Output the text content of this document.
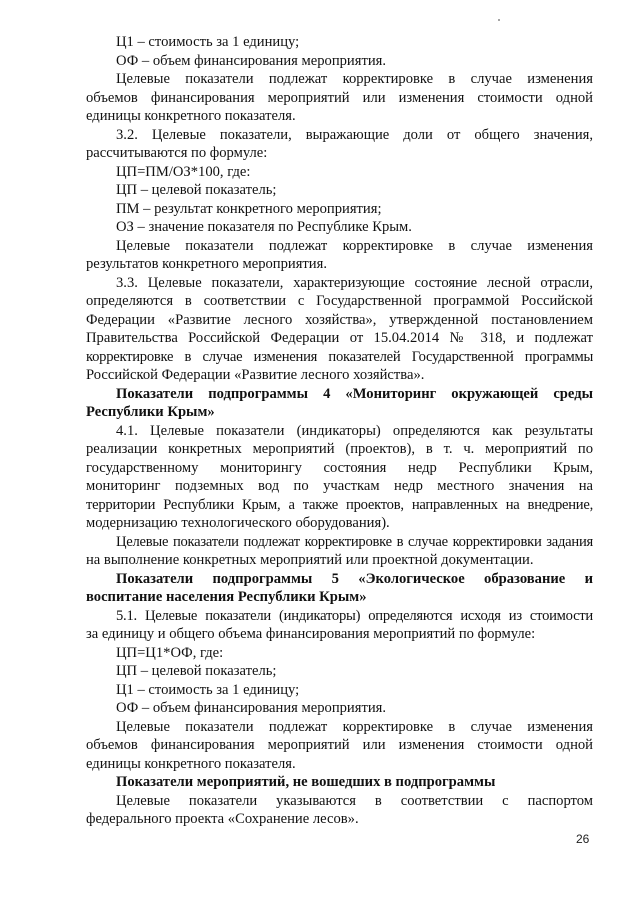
Ц1 – стоимость за 1 единицу;
ОФ – объем финансирования мероприятия.
Целевые показатели подлежат корректировке в случае изменения
объемов финансирования мероприятий или изменения стоимости одной
единицы конкретного показателя.
3.2. Целевые показатели, выражающие доли от общего значения,
рассчитываются по формуле:
ЦП=ПМ/ОЗ*100, где:
ЦП – целевой показатель;
ПМ – результат конкретного мероприятия;
ОЗ – значение показателя по Республике Крым.
Целевые показатели подлежат корректировке в случае изменения
результатов конкретного мероприятия.
3.3. Целевые показатели, характеризующие состояние лесной отрасли,
определяются в соответствии с Государственной программой Российской
Федерации «Развитие лесного хозяйства», утвержденной постановлением
Правительства Российской Федерации от 15.04.2014 № 318, и подлежат
корректировке в случае изменения показателей Государственной программы
Российской Федерации «Развитие лесного хозяйства».
Показатели подпрограммы 4 «Мониторинг окружающей среды
Республики Крым»
4.1. Целевые показатели (индикаторы) определяются как результаты
реализации конкретных мероприятий (проектов), в т. ч. мероприятий по
государственному мониторингу состояния недр Республики Крым,
мониторинг подземных вод по участкам недр местного значения на
территории Республики Крым, а также проектов, направленных на внедрение,
модернизацию технологического оборудования).
Целевые показатели подлежат корректировке в случае корректировки задания
на выполнение конкретных мероприятий или проектной документации.
Показатели подпрограммы 5 «Экологическое образование и
воспитание населения Республики Крым»
5.1. Целевые показатели (индикаторы) определяются исходя из стоимости
за единицу и общего объема финансирования мероприятий по формуле:
ЦП=Ц1*ОФ, где:
ЦП – целевой показатель;
Ц1 – стоимость за 1 единицу;
ОФ – объем финансирования мероприятия.
Целевые показатели подлежат корректировке в случае изменения
объемов финансирования мероприятий или изменения стоимости одной
единицы конкретного показателя.
Показатели мероприятий, не вошедших в подпрограммы
Целевые показатели указываются в соответствии с паспортом
федерального проекта «Сохранение лесов».
26
